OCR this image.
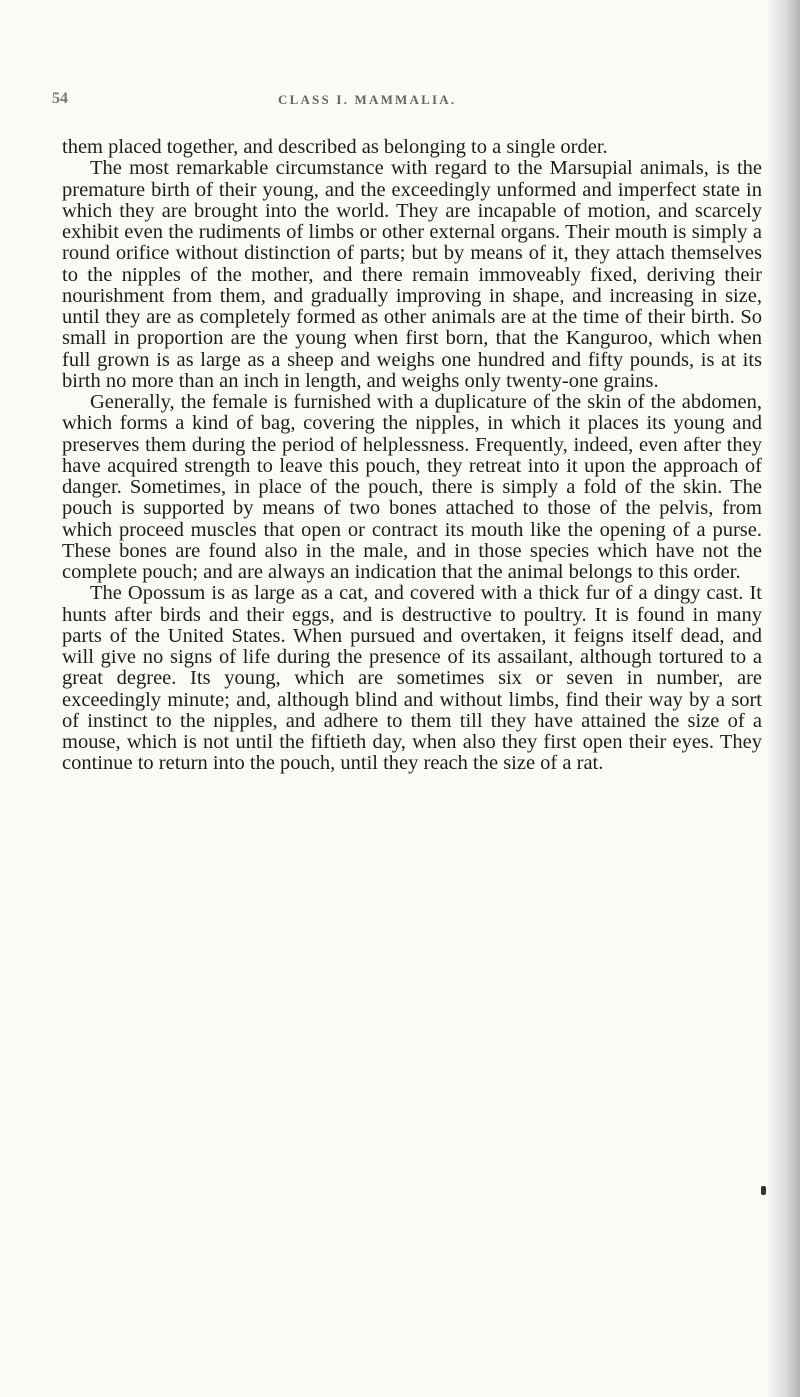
54	CLASS I. MAMMALIA.

them placed together, and described as belonging to a single order.

The most remarkable circumstance with regard to the Marsupial animals, is the premature birth of their young, and the exceedingly unformed and imperfect state in which they are brought into the world. They are incapable of motion, and scarcely exhibit even the rudiments of limbs or other external organs. Their mouth is simply a round orifice without distinction of parts; but by means of it, they attach themselves to the nipples of the mother, and there remain immoveably fixed, deriving their nourishment from them, and gradually improving in shape, and increasing in size, until they are as completely formed as other animals are at the time of their birth. So small in proportion are the young when first born, that the Kanguroo, which when full grown is as large as a sheep and weighs one hundred and fifty pounds, is at its birth no more than an inch in length, and weighs only twenty-one grains.

Generally, the female is furnished with a duplicature of the skin of the abdomen, which forms a kind of bag, covering the nipples, in which it places its young and preserves them during the period of helplessness. Frequently, indeed, even after they have acquired strength to leave this pouch, they retreat into it upon the approach of danger. Sometimes, in place of the pouch, there is simply a fold of the skin. The pouch is supported by means of two bones attached to those of the pelvis, from which proceed muscles that open or contract its mouth like the opening of a purse. These bones are found also in the male, and in those species which have not the complete pouch; and are always an indication that the animal belongs to this order.

The Opossum is as large as a cat, and covered with a thick fur of a dingy cast. It hunts after birds and their eggs, and is destructive to poultry. It is found in many parts of the United States. When pursued and overtaken, it feigns itself dead, and will give no signs of life during the presence of its assailant, although tortured to a great degree. Its young, which are sometimes six or seven in number, are exceedingly minute; and, although blind and without limbs, find their way by a sort of instinct to the nipples, and adhere to them till they have attained the size of a mouse, which is not until the fiftieth day, when also they first open their eyes. They continue to return into the pouch, until they reach the size of a rat.
